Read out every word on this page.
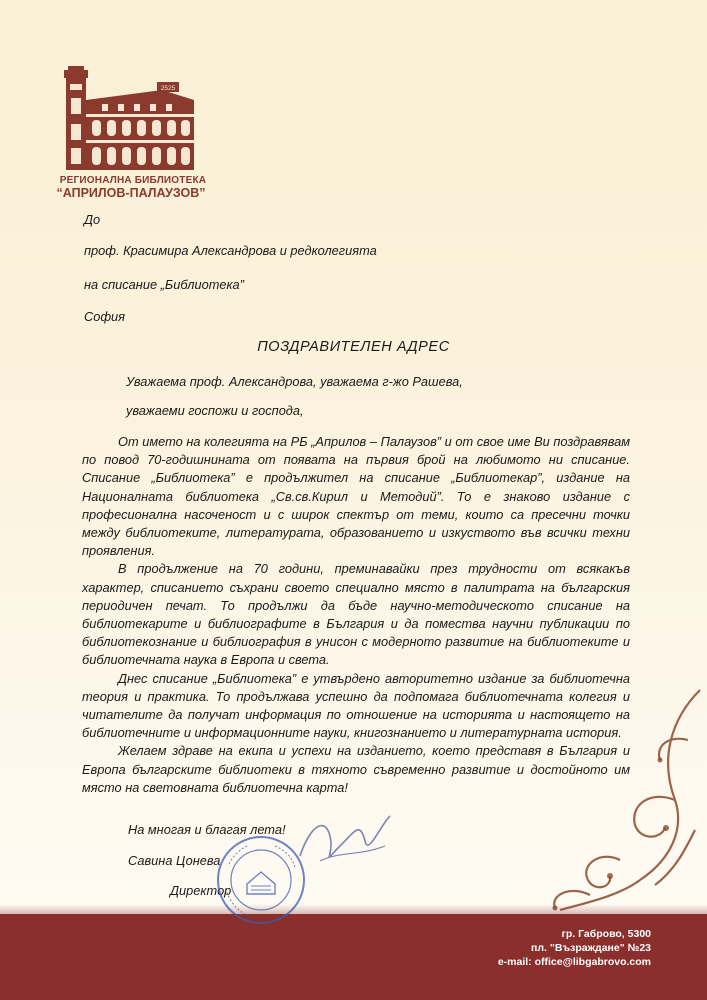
2525
РЕГИОНАЛНА БИБЛИОТЕКА
“АПРИЛОВ-ПАЛАУЗОВ”
До
проф. Красимира Александрова и редколегията
на списание „Библиотека”
София
ПОЗДРАВИТЕЛЕН АДРЕС
Уважаема проф. Александрова, уважаема г-жо Рашева,
уважаеми госпожи и господа,

От името на колегията на РБ „Априлов – Палаузов” и от свое име Ви поздравявам по повод 70-годишнината от появата на първия брой на любимото ни списание. Списание „Библиотека” е продължител на списание „Библиотекар”, издание на Националната библиотека „Св.св.Кирил и Методий”. То е знаково издание с професионална насоченост и с широк спектър от теми, които са пресечни точки между библиотеките, литературата, образованието и изкуството във всички техни проявления.

В продължение на 70 години, преминавайки през трудности от всякакъв характер, списанието съхрани своето специално място в палитрата на българския периодичен печат. То продължи да бъде научно-методическото списание на библиотекарите и библиографите в България и да помества научни публикации по библиотекознание и библиография в унисон с модерното развитие на библиотеките и библиотечната наука в Европа и света.

Днес списание „Библиотека” е утвърдено авторитетно издание за библиотечна теория и практика. То продължава успешно да подпомага библиотечната колегия и читателите да получат информация по отношение на историята и настоящето на библиотечните и информационните науки, книгознанието и литературната история.

Желаем здраве на екипа и успехи на изданието, което представя в България и Европа българските библиотеки в тяхното съвременно развитие и достойното им място на световната библиотечна карта!

На многая и благая лета!
Савина Цонева
Директор
гр. Габрово, 5300
пл. "Възраждане" №23
e-mail: office@libgabrovo.com
